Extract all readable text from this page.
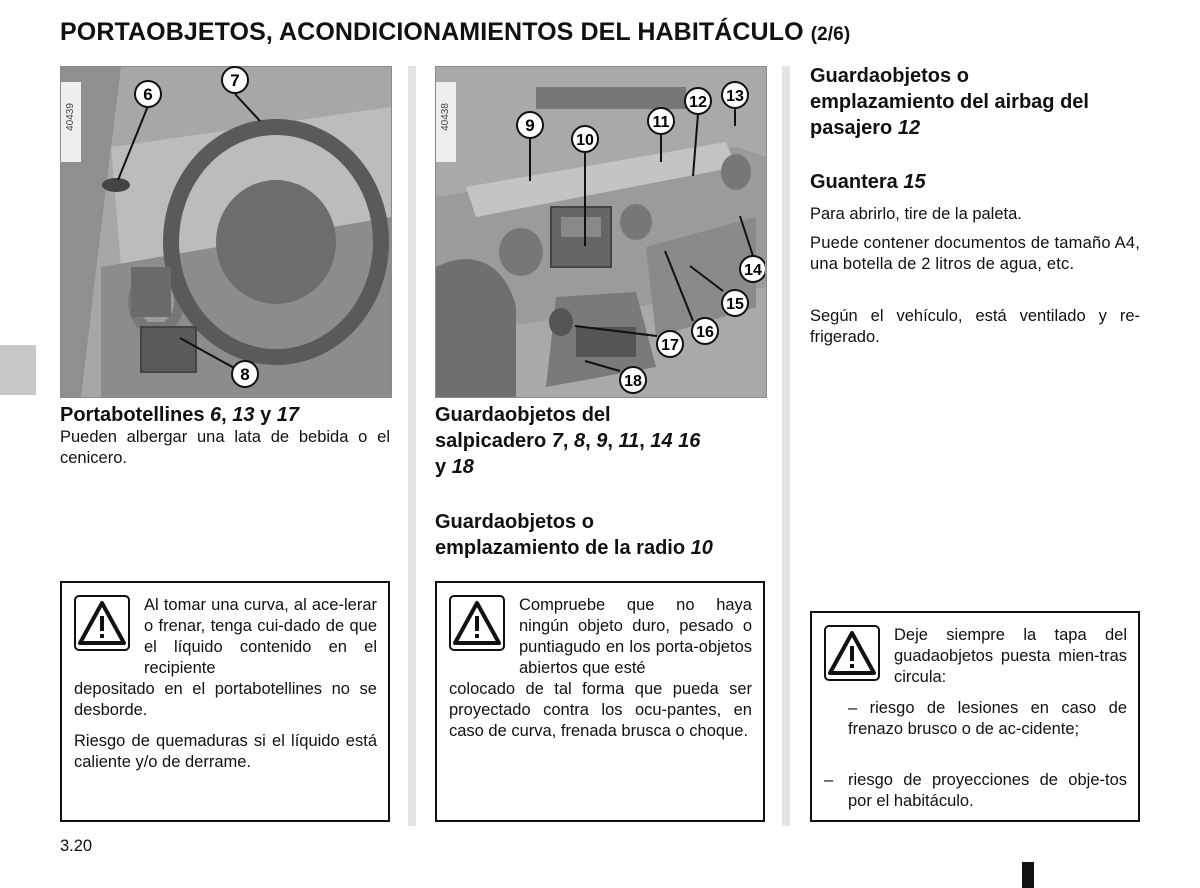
PORTAOBJETOS, ACONDICIONAMIENTOS DEL HABITÁCULO (2/6)
40439
6
7
8
40438	9
10
11
12 13
14
15
16
17
18
Portabotellines 6, 13 y 17
Pueden albergar una lata de bebida o el cenicero.
Guardaobjetos del
salpicadero 7, 8, 9, 11, 14 16
y 18
Guardaobjetos o
emplazamiento de la radio 10
Guardaobjetos o
emplazamiento del airbag del
pasajero 12
Guantera 15
Para abrirlo, tire de la paleta.
Puede contener documentos de tamaño A4, una botella de 2 litros de agua, etc.
Según el vehículo, está ventilado y re-frigerado.
Al tomar una curva, al ace-lerar o frenar, tenga cui-dado de que el líquido contenido en el recipiente
depositado en el portabotellines no se desborde.
Riesgo de quemaduras si el líquido está caliente y/o de derrame.
Compruebe que no haya ningún objeto duro, pesado o puntiagudo en los porta-objetos abiertos que esté
colocado de tal forma que pueda ser proyectado contra los ocu-pantes, en caso de curva, frenada brusca o choque.
Deje siempre la tapa del guadaobjetos puesta mien-tras circula:
– riesgo de lesiones en caso de frenazo brusco o de ac-cidente;
– riesgo de proyecciones de obje-tos por el habitáculo.
3.20
